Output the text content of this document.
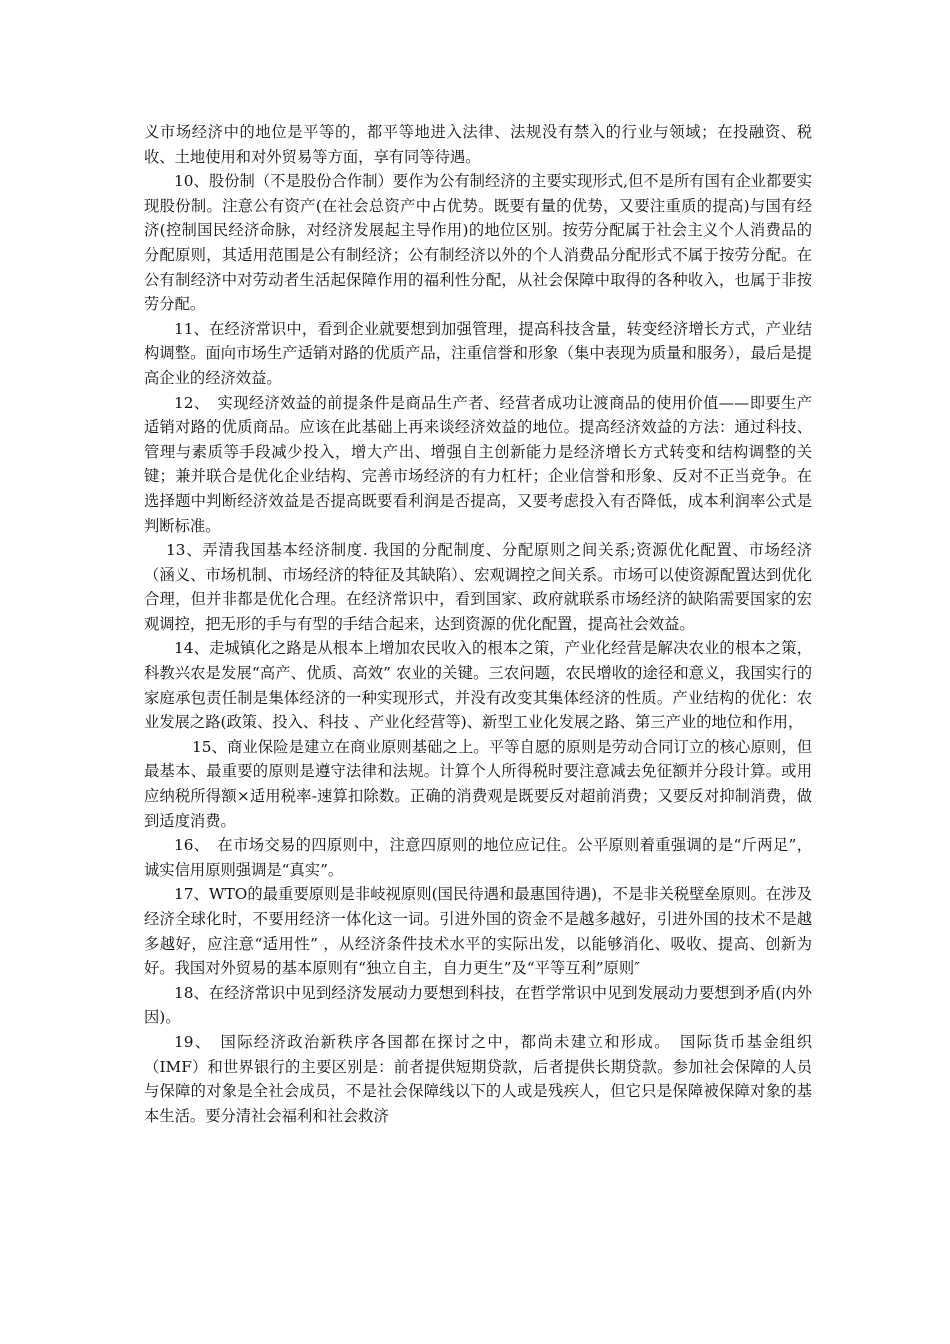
义市场经济中的地位是平等的，都平等地进入法律、法规没有禁入的行业与领域；在投融资、税收、土地使用和对外贸易等方面，享有同等待遇。

10、股份制（不是股份合作制）要作为公有制经济的主要实现形式,但不是所有国有企业都要实现股份制。注意公有资产(在社会总资产中占优势。既要有量的优势，又要注重质的提高)与国有经济(控制国民经济命脉，对经济发展起主导作用)的地位区别。按劳分配属于社会主义个人消费品的分配原则，其适用范围是公有制经济；公有制经济以外的个人消费品分配形式不属于按劳分配。在公有制经济中对劳动者生活起保障作用的福利性分配，从社会保障中取得的各种收入，也属于非按劳分配。

11、在经济常识中，看到企业就要想到加强管理，提高科技含量，转变经济增长方式，产业结构调整。面向市场生产适销对路的优质产品，注重信誉和形象（集中表现为质量和服务），最后是提高企业的经济效益。

12、　实现经济效益的前提条件是商品生产者、经营者成功让渡商品的使用价值——即要生产适销对路的优质商品。应该在此基础上再来谈经济效益的地位。提高经济效益的方法：通过科技、管理与素质等手段减少投入，增大产出、增强自主创新能力是经济增长方式转变和结构调整的关键；兼并联合是优化企业结构、完善市场经济的有力杠杆；企业信誉和形象、反对不正当竞争。在选择题中判断经济效益是否提高既要看利润是否提高，又要考虑投入有否降低，成本利润率公式是判断标准。

13、弄清我国基本经济制度. 我国的分配制度、分配原则之间关系;资源优化配置、市场经济（涵义、市场机制、市场经济的特征及其缺陷）、宏观调控之间关系。市场可以使资源配置达到优化合理，但并非都是优化合理。在经济常识中，看到国家、政府就联系市场经济的缺陷需要国家的宏观调控，把无形的手与有型的手结合起来，达到资源的优化配置，提高社会效益。

14、走城镇化之路是从根本上增加农民收入的根本之策，产业化经营是解决农业的根本之策，科教兴农是发展“高产、优质、高效” 农业的关键。三农问题，农民增收的途径和意义，我国实行的家庭承包责任制是集体经济的一种实现形式，并没有改变其集体经济的性质。产业结构的优化：农业发展之路(政策、投入、科技 、产业化经营等)、新型工业化发展之路、第三产业的地位和作用，

15、商业保险是建立在商业原则基础之上。平等自愿的原则是劳动合同订立的核心原则，但最基本、最重要的原则是遵守法律和法规。计算个人所得税时要注意减去免征额并分段计算。或用应纳税所得额×适用税率-速算扣除数。正确的消费观是既要反对超前消费；又要反对抑制消费，做到适度消费。

16、　在市场交易的四原则中，注意四原则的地位应记住。公平原则着重强调的是“斤两足”， 诚实信用原则强调是“真实”。

17、WTO的最重要原则是非岐视原则(国民待遇和最惠国待遇)，不是非关税壁垒原则。在涉及经济全球化时，不要用经济一体化这一词。引进外国的资金不是越多越好，引进外国的技术不是越多越好，应注意“适用性” ，从经济条件技术水平的实际出发，以能够消化、吸收、提高、创新为好。我国对外贸易的基本原则有“独立自主，自力更生”及“平等互利”原则″

18、在经济常识中见到经济发展动力要想到科技，在哲学常识中见到发展动力要想到矛盾(内外因)。

19、　国际经济政治新秩序各国都在探讨之中，都尚未建立和形成。　国际货币基金组织（IMF）和世界银行的主要区别是：前者提供短期贷款，后者提供长期贷款。参加社会保障的人员与保障的对象是全社会成员，不是社会保障线以下的人或是残疾人，但它只是保障被保障对象的基本生活。要分清社会福利和社会救济
